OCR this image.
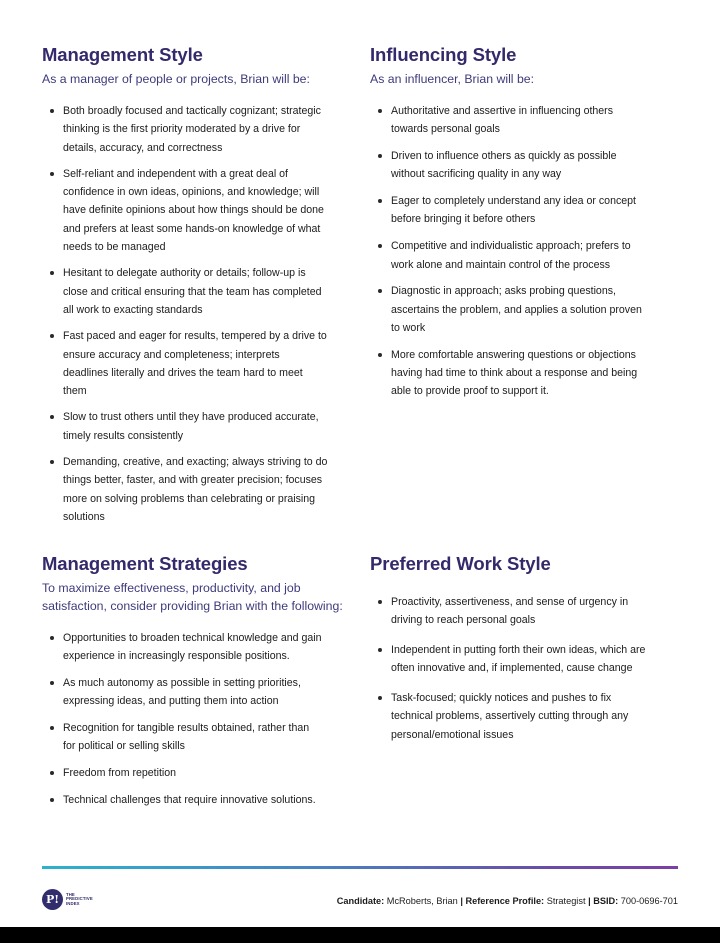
Management Style
As a manager of people or projects, Brian will be:
Both broadly focused and tactically cognizant; strategic
thinking is the first priority moderated by a drive for
details, accuracy, and correctness
Self-reliant and independent with a great deal of
confidence in own ideas, opinions, and knowledge; will
have definite opinions about how things should be done
and prefers at least some hands-on knowledge of what
needs to be managed
Hesitant to delegate authority or details; follow-up is
close and critical ensuring that the team has completed
all work to exacting standards
Fast paced and eager for results, tempered by a drive to
ensure accuracy and completeness; interprets
deadlines literally and drives the team hard to meet
them
Slow to trust others until they have produced accurate,
timely results consistently
Demanding, creative, and exacting; always striving to do
things better, faster, and with greater precision; focuses
more on solving problems than celebrating or praising
solutions
Influencing Style
As an influencer, Brian will be:
Authoritative and assertive in influencing others
towards personal goals
Driven to influence others as quickly as possible
without sacrificing quality in any way
Eager to completely understand any idea or concept
before bringing it before others
Competitive and individualistic approach; prefers to
work alone and maintain control of the process
Diagnostic in approach; asks probing questions,
ascertains the problem, and applies a solution proven
to work
More comfortable answering questions or objections
having had time to think about a response and being
able to provide proof to support it.
Management Strategies
To maximize effectiveness, productivity, and job
satisfaction, consider providing Brian with the following:
Opportunities to broaden technical knowledge and gain
experience in increasingly responsible positions.
As much autonomy as possible in setting priorities,
expressing ideas, and putting them into action
Recognition for tangible results obtained, rather than
for political or selling skills
Freedom from repetition
Technical challenges that require innovative solutions.
Preferred Work Style
Proactivity, assertiveness, and sense of urgency in
driving to reach personal goals
Independent in putting forth their own ideas, which are
often innovative and, if implemented, cause change
Task-focused; quickly notices and pushes to fix
technical problems, assertively cutting through any
personal/emotional issues
P!	THE
PREDICTIVE
INDEX	Candidate: McRoberts, Brian | Reference Profile: Strategist | BSID: 700-0696-701
